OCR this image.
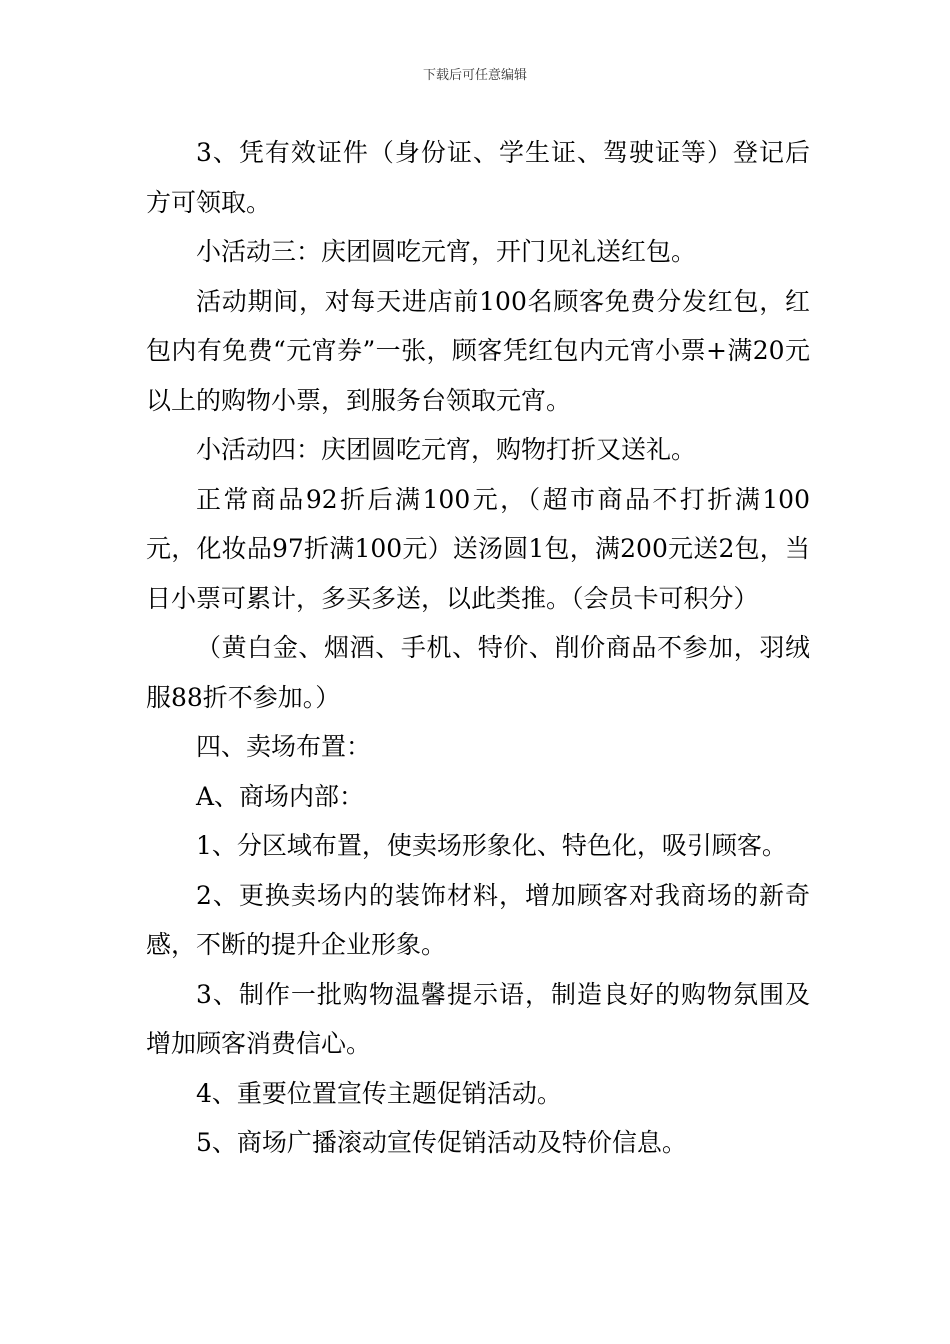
下载后可任意编辑

3、凭有效证件（身份证、学生证、驾驶证等）登记后方可领取。

小活动三：庆团圆吃元宵，开门见礼送红包。

活动期间，对每天进店前100名顾客免费分发红包，红包内有免费“元宵券”一张，顾客凭红包内元宵小票+满20元以上的购物小票，到服务台领取元宵。

小活动四：庆团圆吃元宵，购物打折又送礼。

正常商品92折后满100元，（超市商品不打折满100元，化妆品97折满100元）送汤圆1包，满200元送2包，当日小票可累计，多买多送，以此类推。（会员卡可积分）

（黄白金、烟酒、手机、特价、削价商品不参加，羽绒服88折不参加。）

四、卖场布置：

A、商场内部：

1、分区域布置，使卖场形象化、特色化，吸引顾客。

2、更换卖场内的装饰材料，增加顾客对我商场的新奇感，不断的提升企业形象。

3、制作一批购物温馨提示语，制造良好的购物氛围及增加顾客消费信心。

4、重要位置宣传主题促销活动。

5、商场广播滚动宣传促销活动及特价信息。
